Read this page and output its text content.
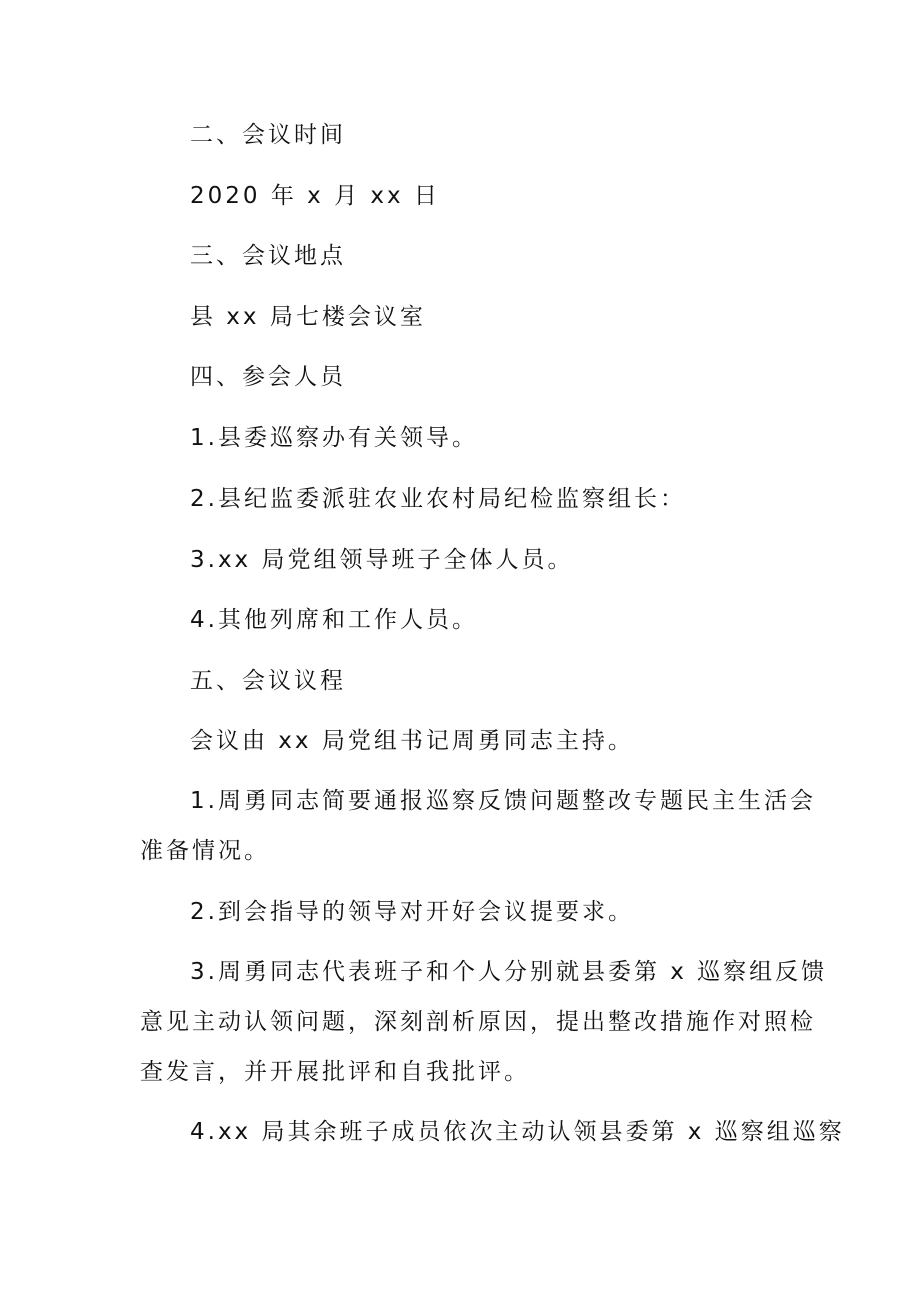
二、会议时间
2020 年 x 月 xx 日
三、会议地点
县 xx 局七楼会议室
四、参会人员
1.县委巡察办有关领导。
2.县纪监委派驻农业农村局纪检监察组长：
3.xx 局党组领导班子全体人员。
4.其他列席和工作人员。
五、会议议程
会议由 xx 局党组书记周勇同志主持。
1.周勇同志简要通报巡察反馈问题整改专题民主生活会
准备情况。
2.到会指导的领导对开好会议提要求。
3.周勇同志代表班子和个人分别就县委第 x 巡察组反馈
意见主动认领问题，深刻剖析原因，提出整改措施作对照检
查发言，并开展批评和自我批评。
4.xx 局其余班子成员依次主动认领县委第 x 巡察组巡察
